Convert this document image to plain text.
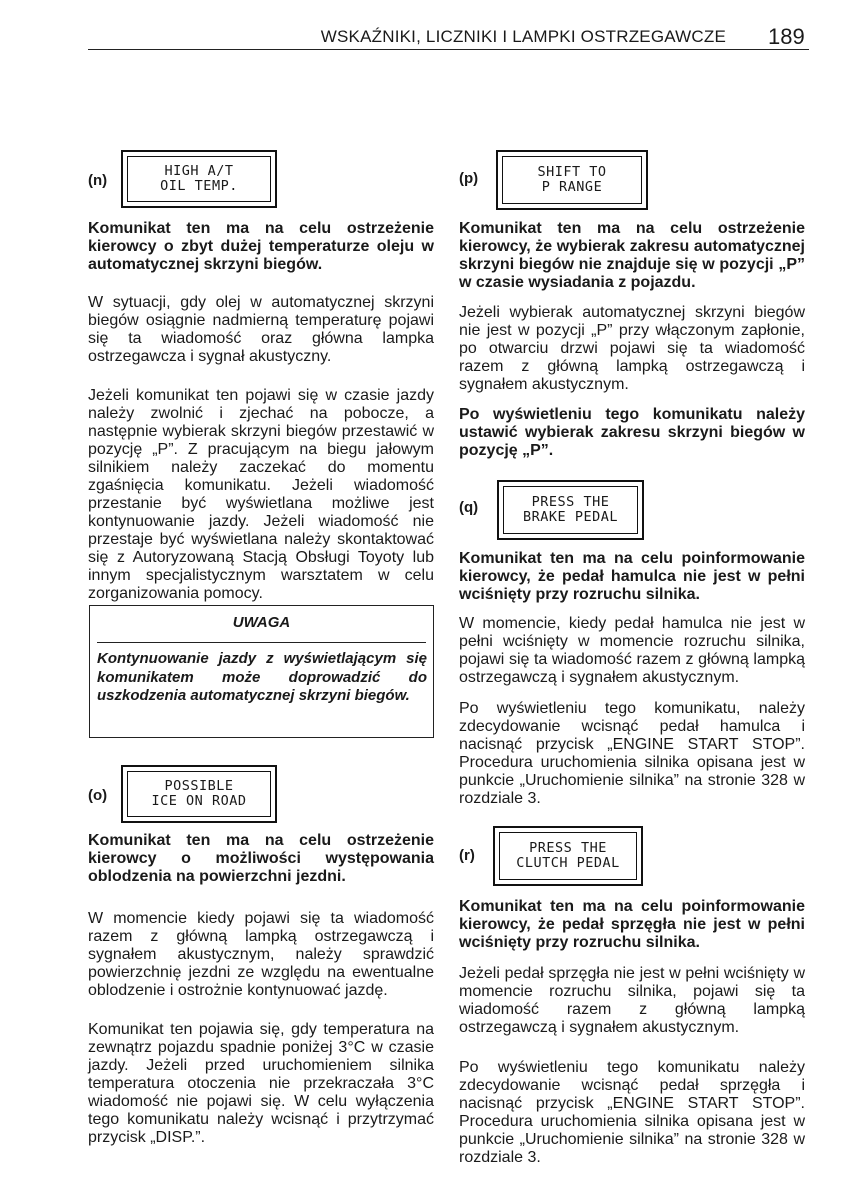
WSKAŹNIKI, LICZNIKI I LAMPKI OSTRZEGAWCZE 189
(n)
HIGH A/T
OIL TEMP.

Komunikat ten ma na celu ostrzeżenie kierowcy o zbyt dużej temperaturze oleju w automatycznej skrzyni biegów.

W sytuacji, gdy olej w automatycznej skrzyni biegów osiągnie nadmierną temperaturę pojawi się ta wiadomość oraz główna lampka ostrzegawcza i sygnał akustyczny.

Jeżeli komunikat ten pojawi się w czasie jazdy należy zwolnić i zjechać na pobocze, a następnie wybierak skrzyni biegów przestawić w pozycję „P”. Z pracującym na biegu jałowym silnikiem należy zaczekać do momentu zgaśnięcia komunikatu. Jeżeli wiadomość przestanie być wyświetlana możliwe jest kontynuowanie jazdy. Jeżeli wiadomość nie przestaje być wyświetlana należy skontaktować się z Autoryzowaną Stacją Obsługi Toyoty lub innym specjalistycznym warsztatem w celu zorganizowania pomocy.

UWAGA

Kontynuowanie jazdy z wyświetlającym się komunikatem może doprowadzić do uszkodzenia automatycznej skrzyni biegów.

(o)
POSSIBLE
ICE ON ROAD

Komunikat ten ma na celu ostrzeżenie kierowcy o możliwości występowania oblodzenia na powierzchni jezdni.

W momencie kiedy pojawi się ta wiadomość razem z główną lampką ostrzegawczą i sygnałem akustycznym, należy sprawdzić powierzchnię jezdni ze względu na ewentualne oblodzenie i ostrożnie kontynuować jazdę.

Komunikat ten pojawia się, gdy temperatura na zewnątrz pojazdu spadnie poniżej 3°C w czasie jazdy. Jeżeli przed uruchomieniem silnika temperatura otoczenia nie przekraczała 3°C wiadomość nie pojawi się. W celu wyłączenia tego komunikatu należy wcisnąć i przytrzymać przycisk „DISP.”.

(p)	SHIFT TO
P RANGE

Komunikat ten ma na celu ostrzeżenie kierowcy, że wybierak zakresu automatycznej skrzyni biegów nie znajduje się w pozycji „P” w czasie wysiadania z pojazdu.

Jeżeli wybierak automatycznej skrzyni biegów nie jest w pozycji „P” przy włączonym zapłonie, po otwarciu drzwi pojawi się ta wiadomość razem z główną lampką ostrzegawczą i sygnałem akustycznym.

Po wyświetleniu tego komunikatu należy ustawić wybierak zakresu skrzyni biegów w pozycję „P”.

(q)	PRESS THE
BRAKE PEDAL

Komunikat ten ma na celu poinformowanie kierowcy, że pedał hamulca nie jest w pełni wciśnięty przy rozruchu silnika.

W momencie, kiedy pedał hamulca nie jest w pełni wciśnięty w momencie rozruchu silnika, pojawi się ta wiadomość razem z główną lampką ostrzegawczą i sygnałem akustycznym.

Po wyświetleniu tego komunikatu, należy zdecydowanie wcisnąć pedał hamulca i nacisnąć przycisk „ENGINE START STOP”. Procedura uruchomienia silnika opisana jest w punkcie „Uruchomienie silnika” na stronie 328 w rozdziale 3.

(r)	PRESS THE
CLUTCH PEDAL

Komunikat ten ma na celu poinformowanie kierowcy, że pedał sprzęgła nie jest w pełni wciśnięty przy rozruchu silnika.

Jeżeli pedał sprzęgła nie jest w pełni wciśnięty w momencie rozruchu silnika, pojawi się ta wiadomość razem z główną lampką ostrzegawczą i sygnałem akustycznym.

Po wyświetleniu tego komunikatu należy zdecydowanie wcisnąć pedał sprzęgła i nacisnąć przycisk „ENGINE START STOP”. Procedura uruchomienia silnika opisana jest w punkcie „Uruchomienie silnika” na stronie 328 w rozdziale 3.
